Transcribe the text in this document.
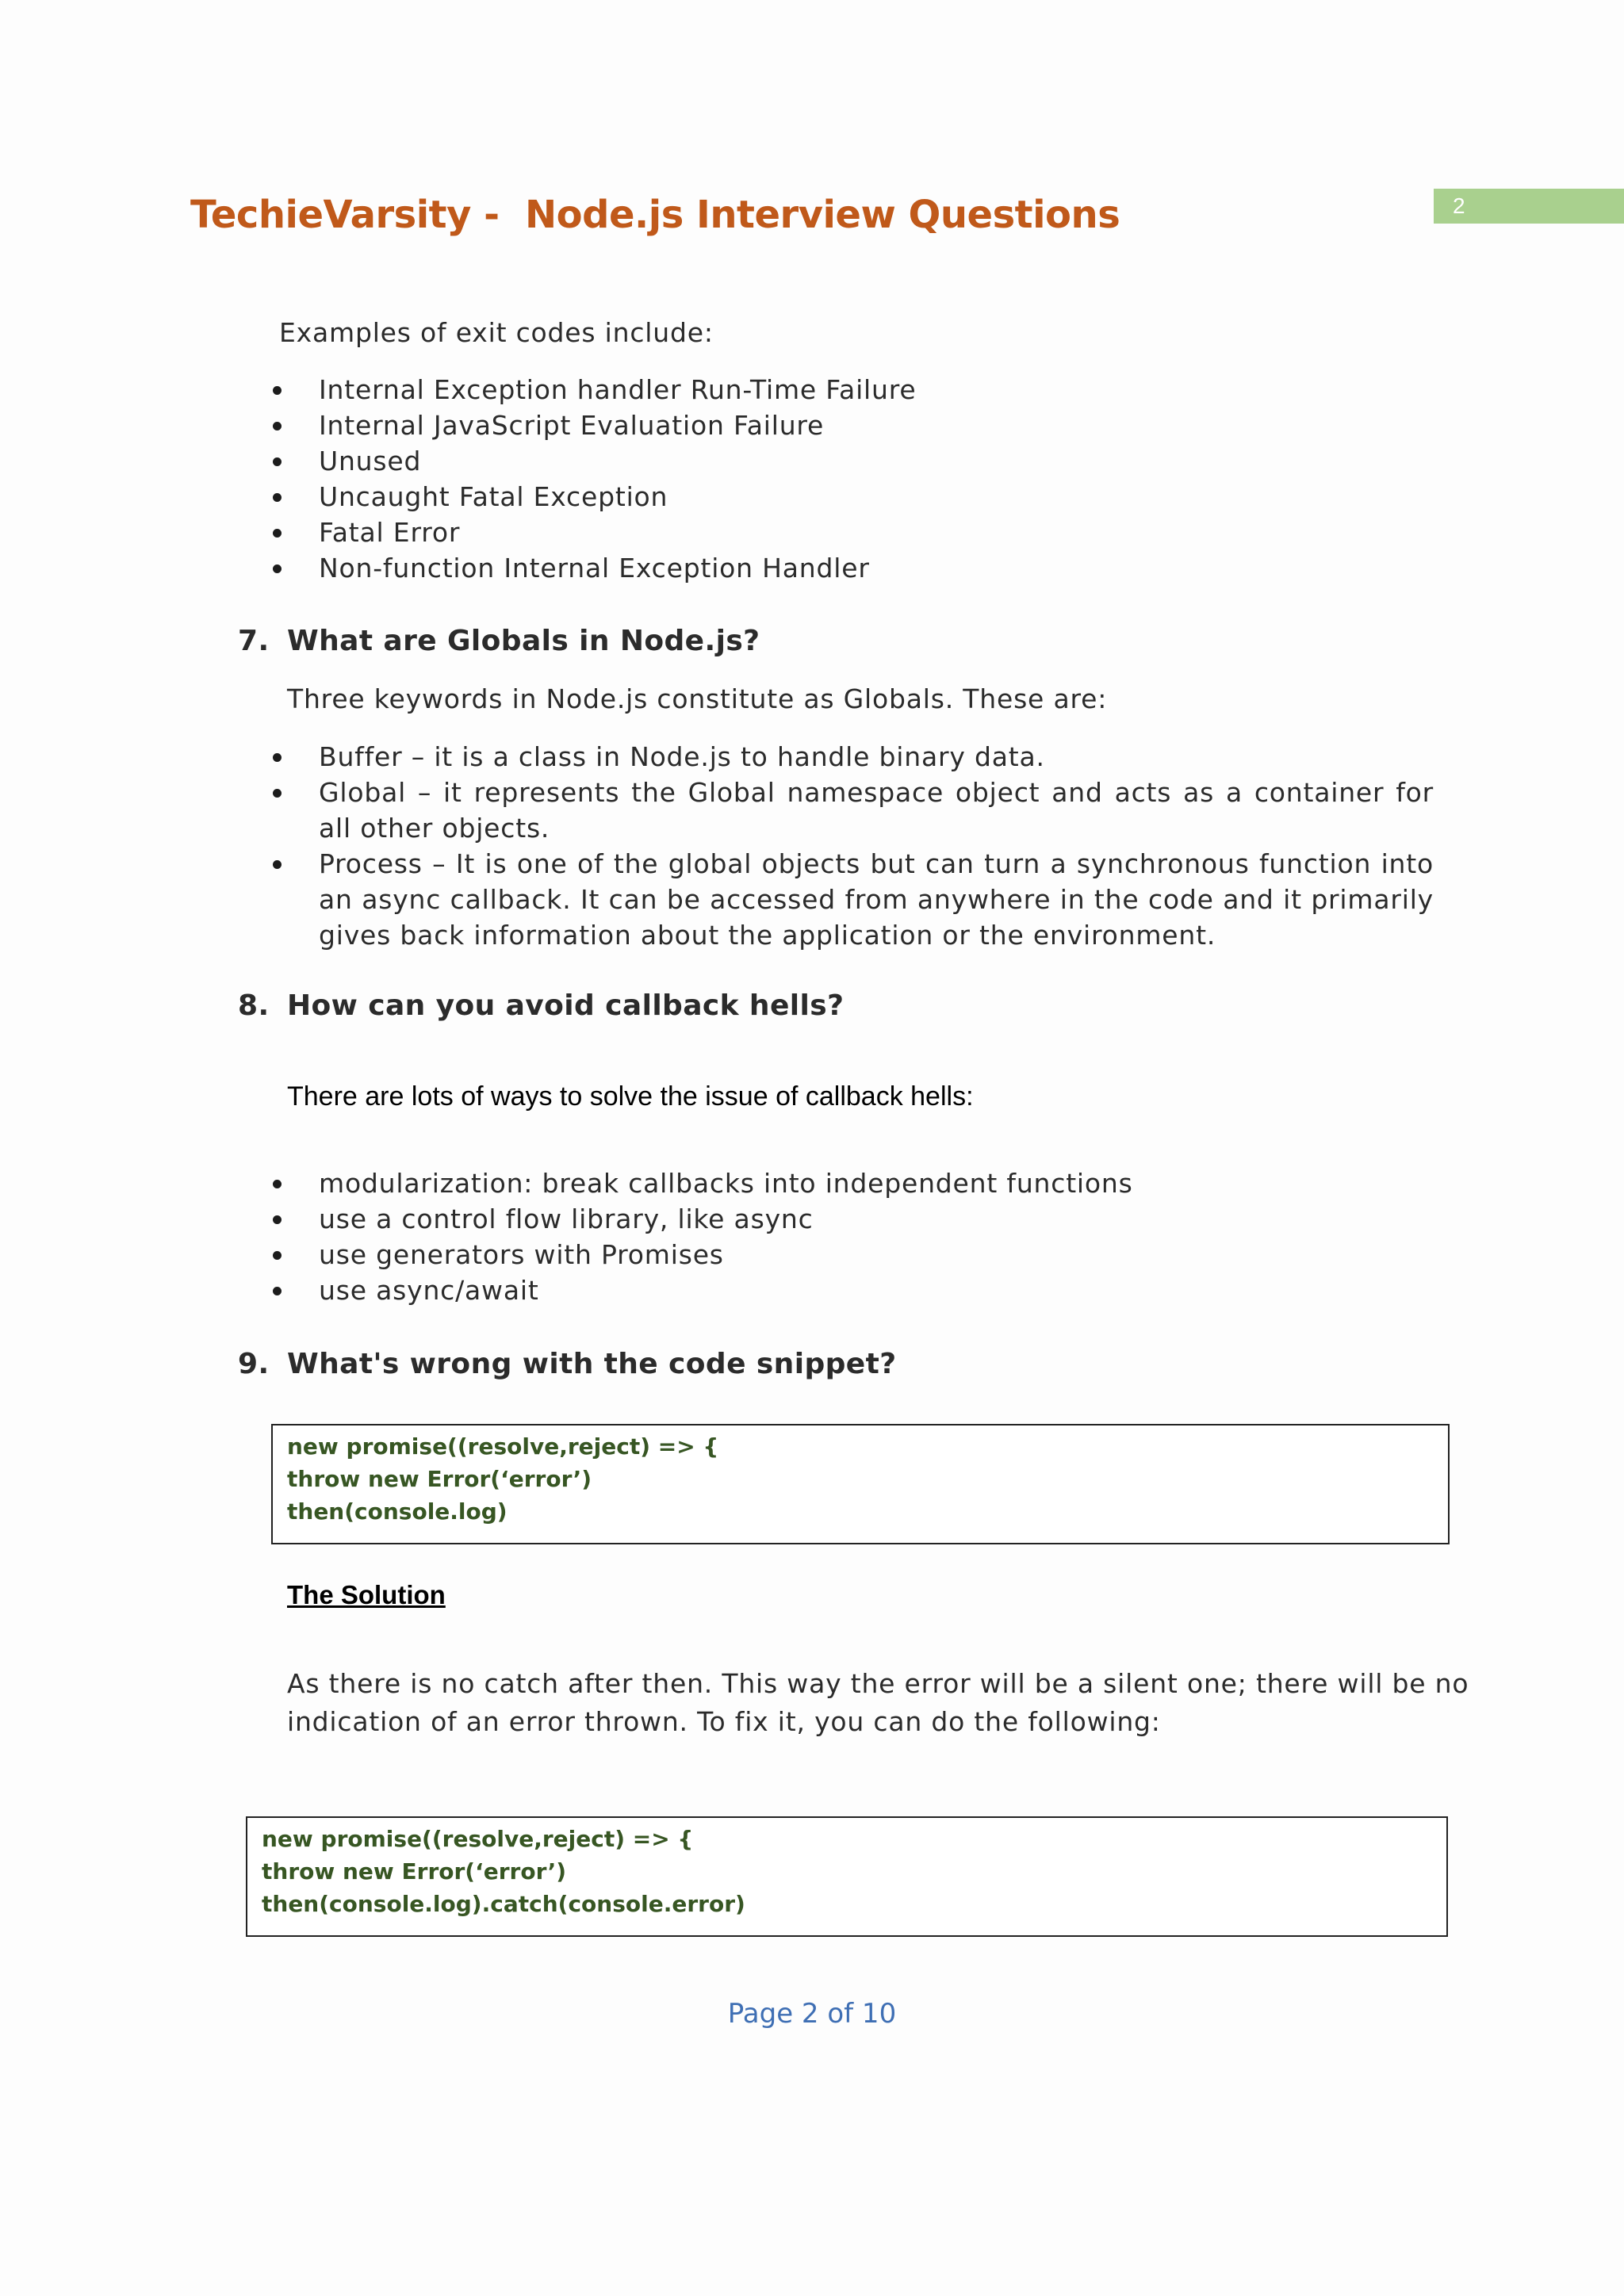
TechieVarsity -  Node.js Interview Questions	2
Examples of exit codes include:
Internal Exception handler Run-Time Failure
Internal JavaScript Evaluation Failure
Unused
Uncaught Fatal Exception
Fatal Error
Non-function Internal Exception Handler
7. What are Globals in Node.js?
Three keywords in Node.js constitute as Globals. These are:
Buffer – it is a class in Node.js to handle binary data.
Global – it represents the Global namespace object and acts as a container for all other objects.
Process – It is one of the global objects but can turn a synchronous function into an async callback. It can be accessed from anywhere in the code and it primarily gives back information about the application or the environment.
8. How can you avoid callback hells?
There are lots of ways to solve the issue of callback hells:
modularization: break callbacks into independent functions
use a control flow library, like async
use generators with Promises
use async/await
9. What's wrong with the code snippet?
new promise((resolve,reject) => {
throw new Error(‘error’)
then(console.log)
The Solution
As there is no catch after then. This way the error will be a silent one; there will be no
indication of an error thrown. To fix it, you can do the following:
new promise((resolve,reject) => {
throw new Error(‘error’)
then(console.log).catch(console.error)
Page 2 of 10
